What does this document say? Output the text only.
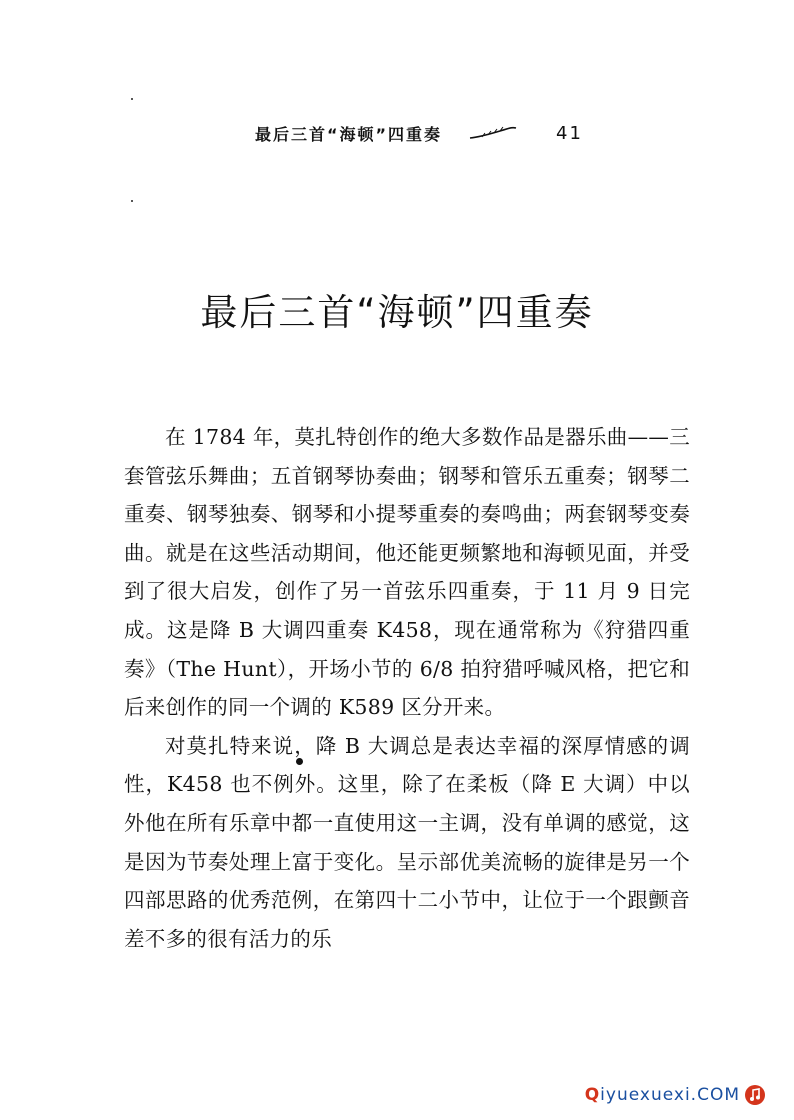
最后三首“海顿”四重奏	41
最后三首“海顿”四重奏

在 1784 年，莫扎特创作的绝大多数作品是器乐曲——三套管弦乐舞曲；五首钢琴协奏曲；钢琴和管乐五重奏；钢琴二重奏、钢琴独奏、钢琴和小提琴重奏的奏鸣曲；两套钢琴变奏曲。就是在这些活动期间，他还能更频繁地和海顿见面，并受到了很大启发，创作了另一首弦乐四重奏，于 11 月 9 日完成。这是降 B 大调四重奏 K458，现在通常称为《狩猎四重奏》（The Hunt），开场小节的 6/8 拍狩猎呼喊风格，把它和后来创作的同一个调的 K589 区分开来。

对莫扎特来说，降 B 大调总是表达幸福的深厚情感的调性，K458 也不例外。这里，除了在柔板（降 E 大调）中以外他在所有乐章中都一直使用这一主调，没有单调的感觉，这是因为节奏处理上富于变化。呈示部优美流畅的旋律是另一个四部思路的优秀范例，在第四十二小节中，让位于一个跟颤音差不多的很有活力的乐

Q iyuexuexi.COM
